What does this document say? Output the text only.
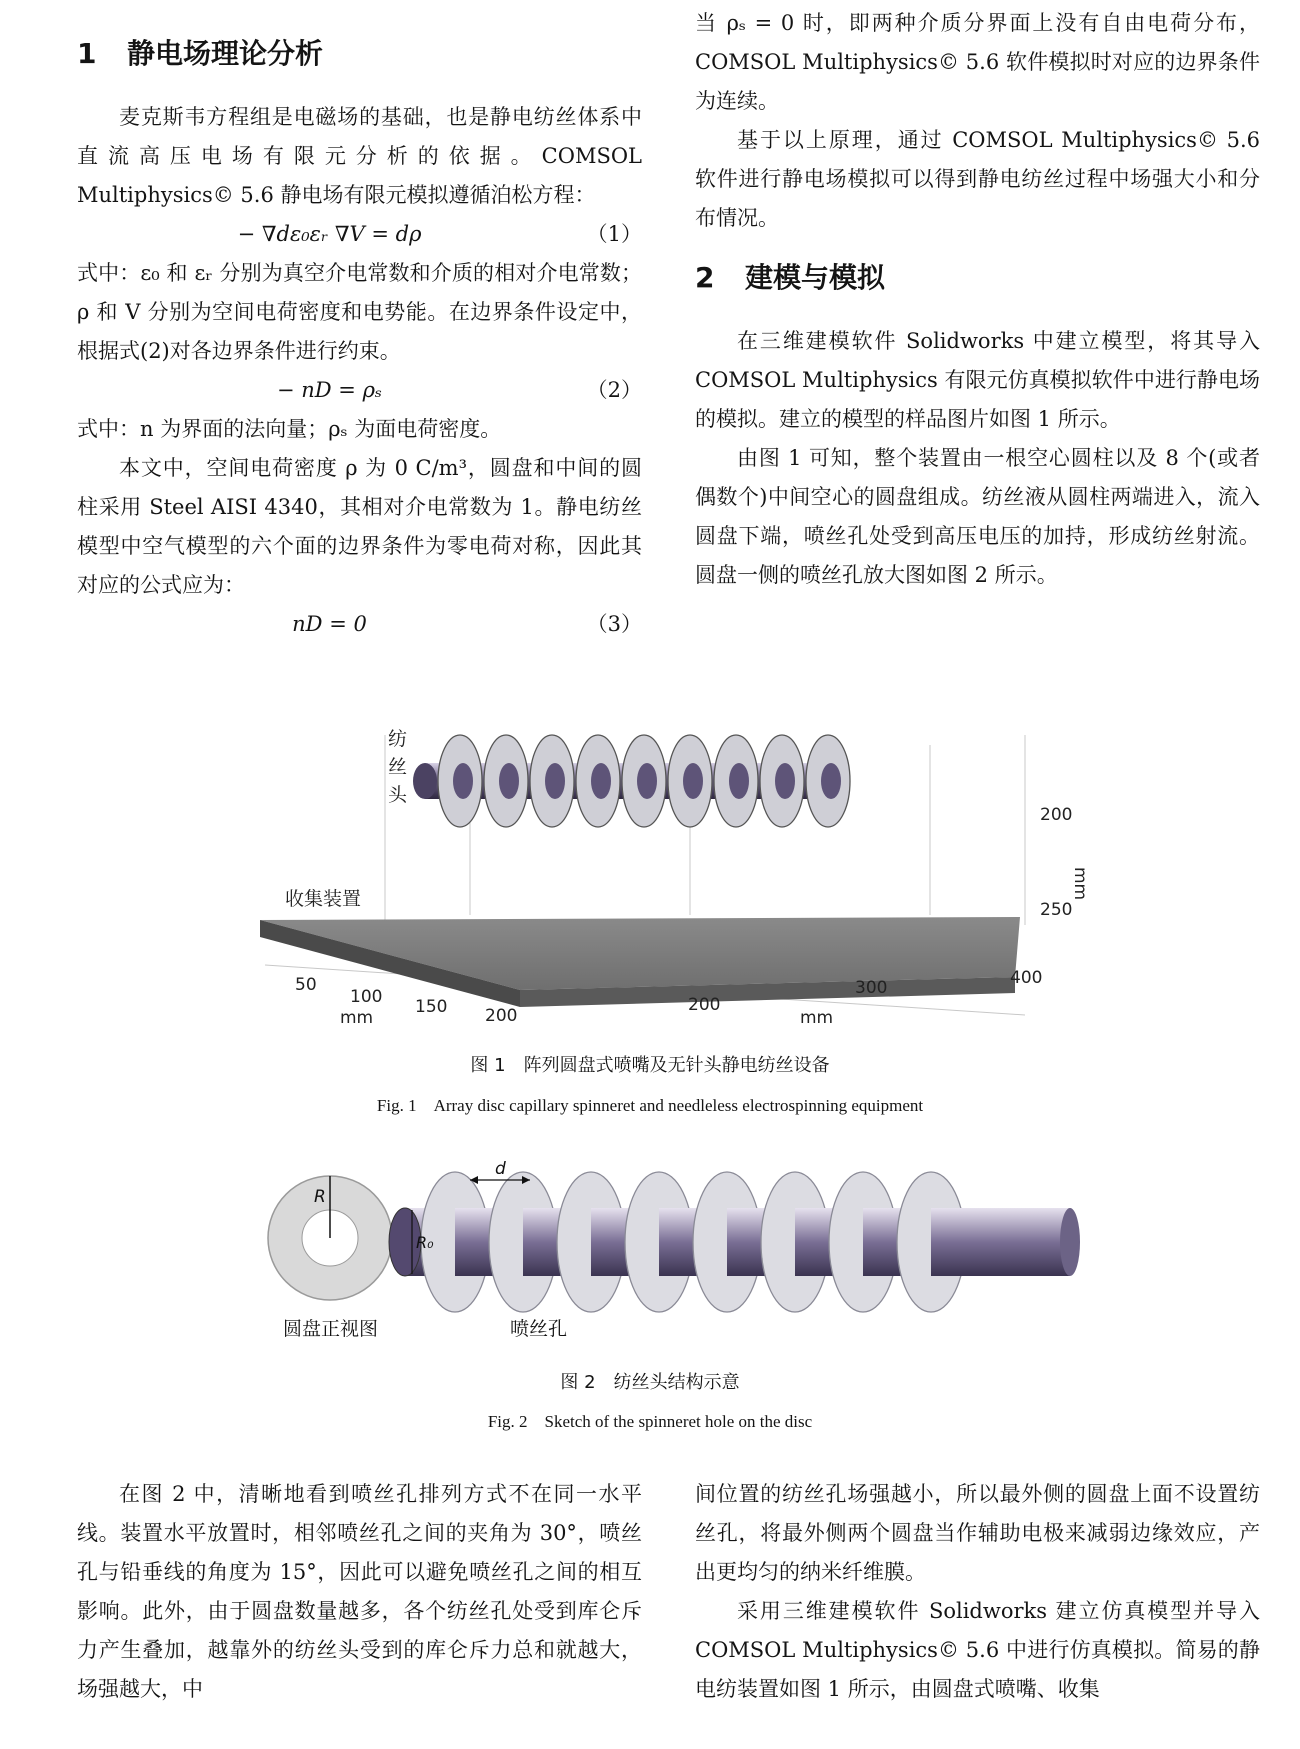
1 静电场理论分析

麦克斯韦方程组是电磁场的基础，也是静电纺丝体系中直流高压电场有限元分析的依据。COMSOL Multiphysics© 5.6 静电场有限元模拟遵循泊松方程：

− ∇dε₀εᵣ ∇V = dρ	（1）

式中：ε₀ 和 εᵣ 分别为真空介电常数和介质的相对介电常数；ρ 和 V 分别为空间电荷密度和电势能。在边界条件设定中，根据式(2)对各边界条件进行约束。

− nD = ρₛ	（2）

式中：n 为界面的法向量；ρₛ 为面电荷密度。

本文中，空间电荷密度 ρ 为 0 C/m³，圆盘和中间的圆柱采用 Steel AISI 4340，其相对介电常数为 1。静电纺丝模型中空气模型的六个面的边界条件为零电荷对称，因此其对应的公式应为：

nD = 0	（3）

当 ρₛ = 0 时，即两种介质分界面上没有自由电荷分布，COMSOL Multiphysics© 5.6 软件模拟时对应的边界条件为连续。

基于以上原理，通过 COMSOL Multiphysics© 5.6 软件进行静电场模拟可以得到静电纺丝过程中场强大小和分布情况。

2 建模与模拟

在三维建模软件 Solidworks 中建立模型，将其导入 COMSOL Multiphysics 有限元仿真模拟软件中进行静电场的模拟。建立的模型的样品图片如图 1 所示。

由图 1 可知，整个装置由一根空心圆柱以及 8 个(或者偶数个)中间空心的圆盘组成。纺丝液从圆柱两端进入，流入圆盘下端，喷丝孔处受到高压电压的加持，形成纺丝射流。圆盘一侧的喷丝孔放大图如图 2 所示。

200
250
mm
50
100 150 200
mm
200
300	400
mm
纺丝头
收集装置
图 1　阵列圆盘式喷嘴及无针头静电纺丝设备
Fig. 1　Array disc capillary spinneret and needleless electrospinning equipment
R
R₀
d
圆盘正视图	喷丝孔
图 2　纺丝头结构示意
Fig. 2　Sketch of the spinneret hole on the disc

在图 2 中，清晰地看到喷丝孔排列方式不在同一水平线。装置水平放置时，相邻喷丝孔之间的夹角为 30°，喷丝孔与铅垂线的角度为 15°，因此可以避免喷丝孔之间的相互影响。此外，由于圆盘数量越多，各个纺丝孔处受到库仑斥力产生叠加，越靠外的纺丝头受到的库仑斥力总和就越大，场强越大，中

间位置的纺丝孔场强越小，所以最外侧的圆盘上面不设置纺丝孔，将最外侧两个圆盘当作辅助电极来减弱边缘效应，产出更均匀的纳米纤维膜。

采用三维建模软件 Solidworks 建立仿真模型并导入 COMSOL Multiphysics© 5.6 中进行仿真模拟。简易的静电纺装置如图 1 所示，由圆盘式喷嘴、收集
